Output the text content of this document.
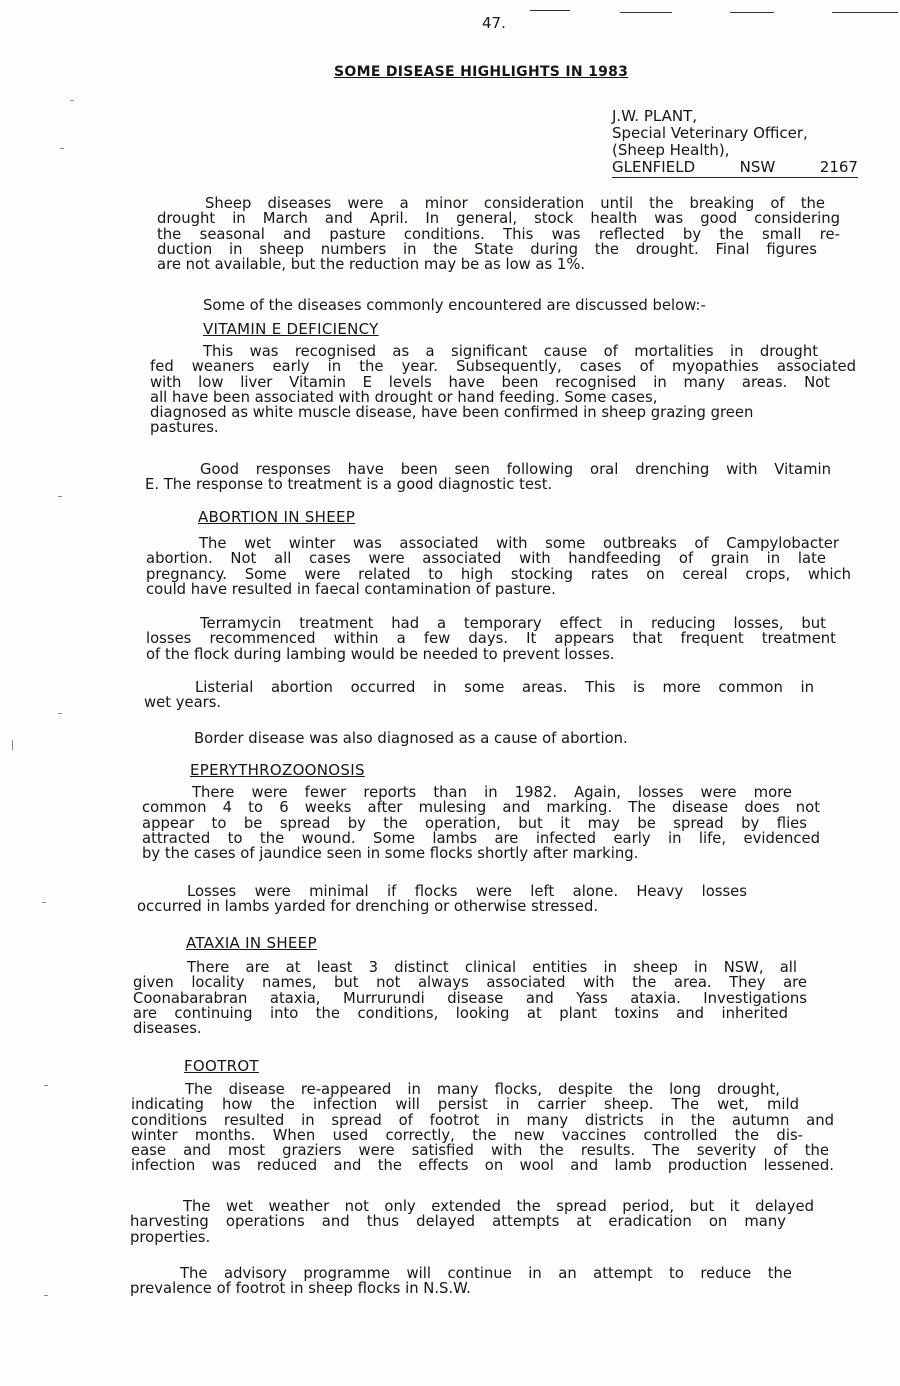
47.
SOME DISEASE HIGHLIGHTS IN 1983
J.W. PLANT,
Special Veterinary Officer,
(Sheep Health),
GLENFIELD	NSW	2167
Sheep diseases were a minor consideration until the breaking of the
drought in March and April. In general, stock health was good considering
the seasonal and pasture conditions. This was reflected by the small re-
duction in sheep numbers in the State during the drought. Final figures
are not available, but the reduction may be as low as 1%.
Some of the diseases commonly encountered are discussed below:-
VITAMIN E DEFICIENCY
This was recognised as a significant cause of mortalities in drought
fed weaners early in the year. Subsequently, cases of myopathies associated
with low liver Vitamin E levels have been recognised in many areas. Not
all have been associated with drought or hand feeding. Some cases,
diagnosed as white muscle disease, have been confirmed in sheep grazing green
pastures.
Good responses have been seen following oral drenching with Vitamin
E. The response to treatment is a good diagnostic test.
ABORTION IN SHEEP
The wet winter was associated with some outbreaks of Campylobacter
abortion. Not all cases were associated with handfeeding of grain in late
pregnancy. Some were related to high stocking rates on cereal crops, which
could have resulted in faecal contamination of pasture.
Terramycin treatment had a temporary effect in reducing losses, but
losses recommenced within a few days. It appears that frequent treatment
of the flock during lambing would be needed to prevent losses.
Listerial abortion occurred in some areas. This is more common in
wet years.
Border disease was also diagnosed as a cause of abortion.
EPERYTHROZOONOSIS
There were fewer reports than in 1982. Again, losses were more
common 4 to 6 weeks after mulesing and marking. The disease does not
appear to be spread by the operation, but it may be spread by flies
attracted to the wound. Some lambs are infected early in life, evidenced
by the cases of jaundice seen in some flocks shortly after marking.
Losses were minimal if flocks were left alone. Heavy losses
occurred in lambs yarded for drenching or otherwise stressed.
ATAXIA IN SHEEP
There are at least 3 distinct clinical entities in sheep in NSW, all
given locality names, but not always associated with the area. They are
Coonabarabran ataxia, Murrurundi disease and Yass ataxia. Investigations
are continuing into the conditions, looking at plant toxins and inherited
diseases.
FOOTROT
The disease re-appeared in many flocks, despite the long drought,
indicating how the infection will persist in carrier sheep. The wet, mild
conditions resulted in spread of footrot in many districts in the autumn and
winter months. When used correctly, the new vaccines controlled the dis-
ease and most graziers were satisfied with the results. The severity of the
infection was reduced and the effects on wool and lamb production lessened.
The wet weather not only extended the spread period, but it delayed
harvesting operations and thus delayed attempts at eradication on many
properties.
The advisory programme will continue in an attempt to reduce the
prevalence of footrot in sheep flocks in N.S.W.
